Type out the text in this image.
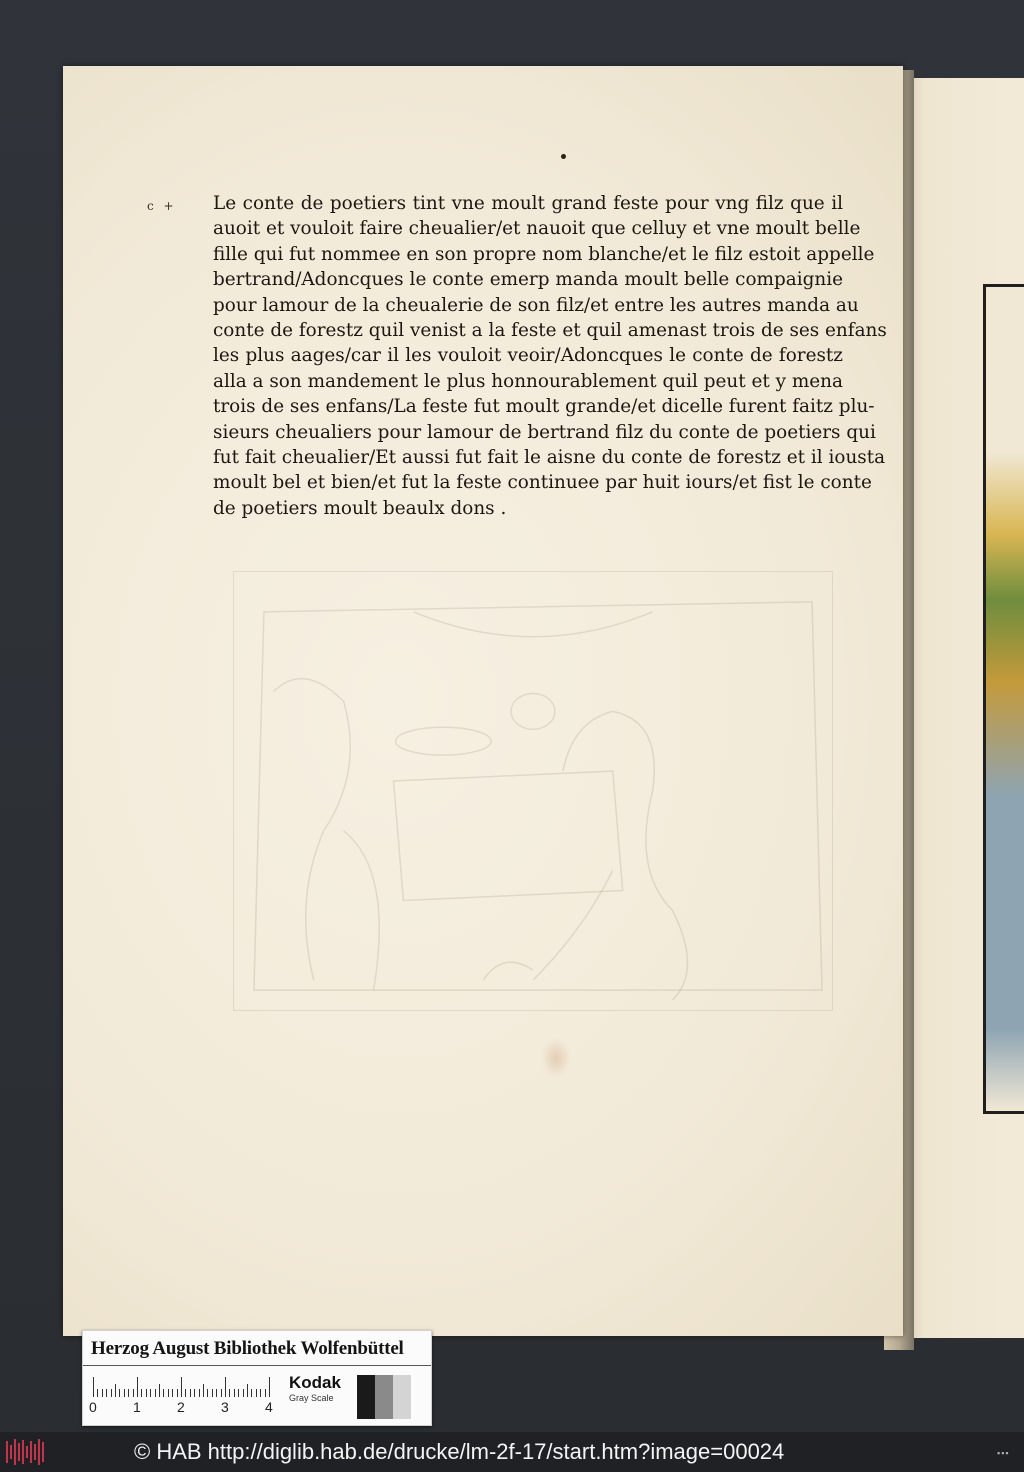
c + Le conte de poetiers tint vne moult grand feste pour vng filz que il
auoit et vouloit faire cheualier/et nauoit que celluy et vne moult belle
fille qui fut nommee en son propre nom blanche/et le filz estoit appelle
bertrand/Adoncques le conte emerp manda moult belle compaignie
pour lamour de la cheualerie de son filz/et entre les autres manda au
conte de forestz quil venist a la feste et quil amenast trois de ses enfans
les plus aages/car il les vouloit veoir/Adoncques le conte de forestz
alla a son mandement le plus honnourablement quil peut et y mena
trois de ses enfans/La feste fut moult grande/et dicelle furent faitz plu-
sieurs cheualiers pour lamour de bertrand filz du conte de poetiers qui
fut fait cheualier/Et aussi fut fait le aisne du conte de forestz et il iousta
moult bel et bien/et fut la feste continuee par huit iours/et fist le conte
de poetiers moult beaulx dons .
Herzog August Bibliothek Wolfenbüttel
0	1	2	3	4
Kodak
Gray Scale
© HAB http://diglib.hab.de/drucke/lm-2f-17/start.htm?image=00024	▪▪▪
